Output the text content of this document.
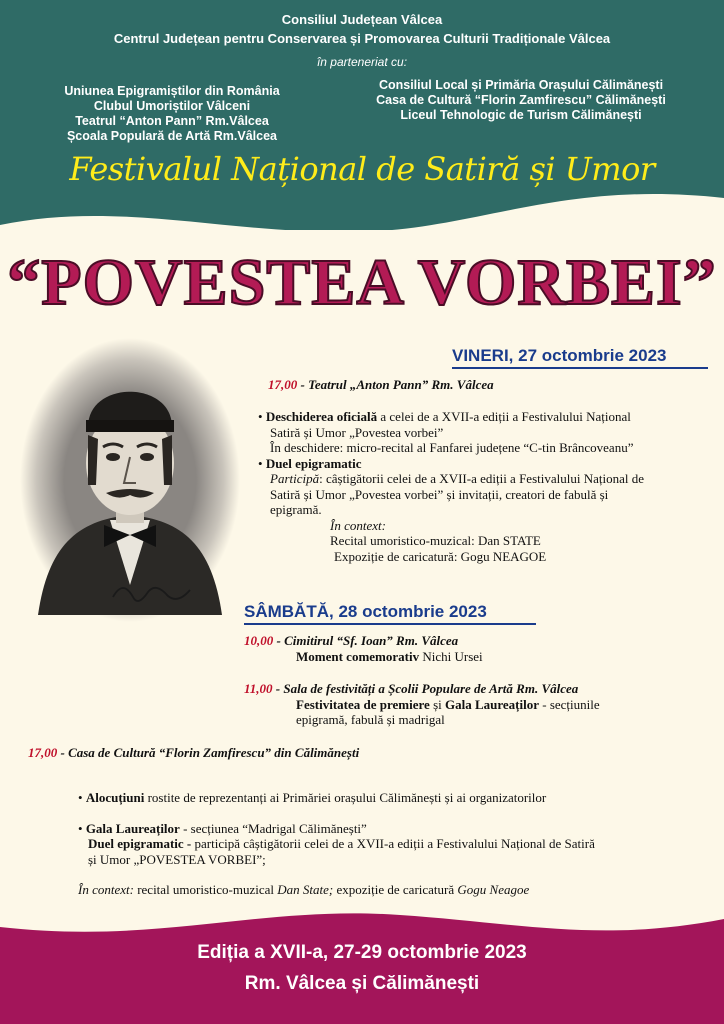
Consiliul Județean Vâlcea
Centrul Județean pentru Conservarea și Promovarea Culturii Tradiționale Vâlcea
în parteneriat cu:
Uniunea Epigramiștilor din România
Clubul Umoriștilor Vâlceni
Teatrul “Anton Pann” Rm.Vâlcea
Școala Populară de Artă Rm.Vâlcea
Consiliul Local și Primăria Orașului Călimănești
Casa de Cultură “Florin Zamfirescu” Călimănești
Liceul Tehnologic de Turism Călimănești
Festivalul Național de Satiră și Umor
“POVESTEA VORBEI”
VINERI, 27 octombrie 2023
17,00 - Teatrul „Anton Pann” Rm. Vâlcea
• Deschiderea oficială a celei de a XVII-a ediții a Festivalului Național
Satiră și Umor „Povestea vorbei”
În deschidere: micro-recital al Fanfarei județene “C-tin Brâncoveanu”
• Duel epigramatic
Participă: câștigătorii celei de a XVII-a ediții a Festivalului Național de
Satiră și Umor „Povestea vorbei” și invitații, creatori de fabulă și
epigramă.
În context:
Recital umoristico-muzical: Dan STATE
Expoziție de caricatură: Gogu NEAGOE
SÂMBĂTĂ, 28 octombrie 2023
10,00 - Cimitirul “Sf. Ioan” Rm. Vâlcea
Moment comemorativ Nichi Ursei
11,00 - Sala de festivități a Școlii Populare de Artă Rm. Vâlcea
Festivitatea de premiere și Gala Laureaților - secțiunile
epigramă, fabulă și madrigal
17,00 - Casa de Cultură “Florin Zamfirescu” din Călimănești
• Alocuțiuni rostite de reprezentanți ai Primăriei orașului Călimănești și ai organizatorilor
• Gala Laureaților - secțiunea “Madrigal Călimănești”
Duel epigramatic - participă câștigătorii celei de a XVII-a ediții a Festivalului Național de Satiră
și Umor „POVESTEA VORBEI”;
În context: recital umoristico-muzical Dan State; expoziție de caricatură Gogu Neagoe
Ediția a XVII-a, 27-29 octombrie 2023
Rm. Vâlcea și Călimănești
